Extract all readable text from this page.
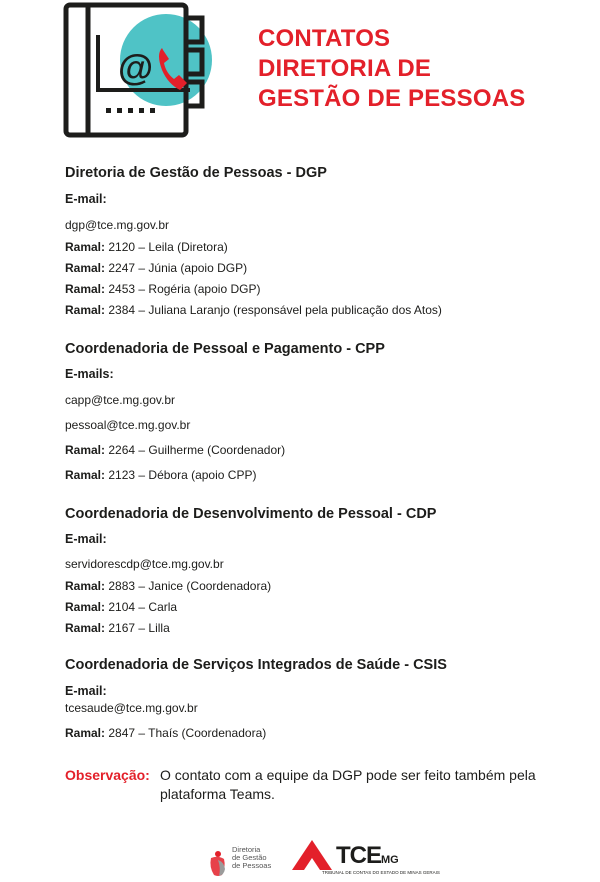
@
CONTATOS
DIRETORIA DE
GESTÃO DE PESSOAS
Diretoria de Gestão de Pessoas - DGP
E-mail:
dgp@tce.mg.gov.br
Ramal: 2120 – Leila (Diretora)
Ramal: 2247 – Júnia (apoio DGP)
Ramal: 2453 – Rogéria (apoio DGP)
Ramal: 2384 – Juliana Laranjo (responsável pela publicação dos Atos)
Coordenadoria de Pessoal e Pagamento - CPP
E-mails:
capp@tce.mg.gov.br
pessoal@tce.mg.gov.br
Ramal: 2264 – Guilherme (Coordenador)
Ramal: 2123 – Débora (apoio CPP)
Coordenadoria de Desenvolvimento de Pessoal - CDP
E-mail:
servidorescdp@tce.mg.gov.br
Ramal: 2883 – Janice (Coordenadora)
Ramal: 2104 – Carla
Ramal: 2167 – Lilla
Coordenadoria de Serviços Integrados de Saúde - CSIS
E-mail:
tcesaude@tce.mg.gov.br
Ramal: 2847 – Thaís (Coordenadora)
Observação: O contato com a equipe da DGP pode ser feito também pela plataforma Teams.
Diretoria
de Gestão
de Pessoas	TCEMG
TRIBUNAL DE CONTAS DO ESTADO DE MINAS GERAIS
